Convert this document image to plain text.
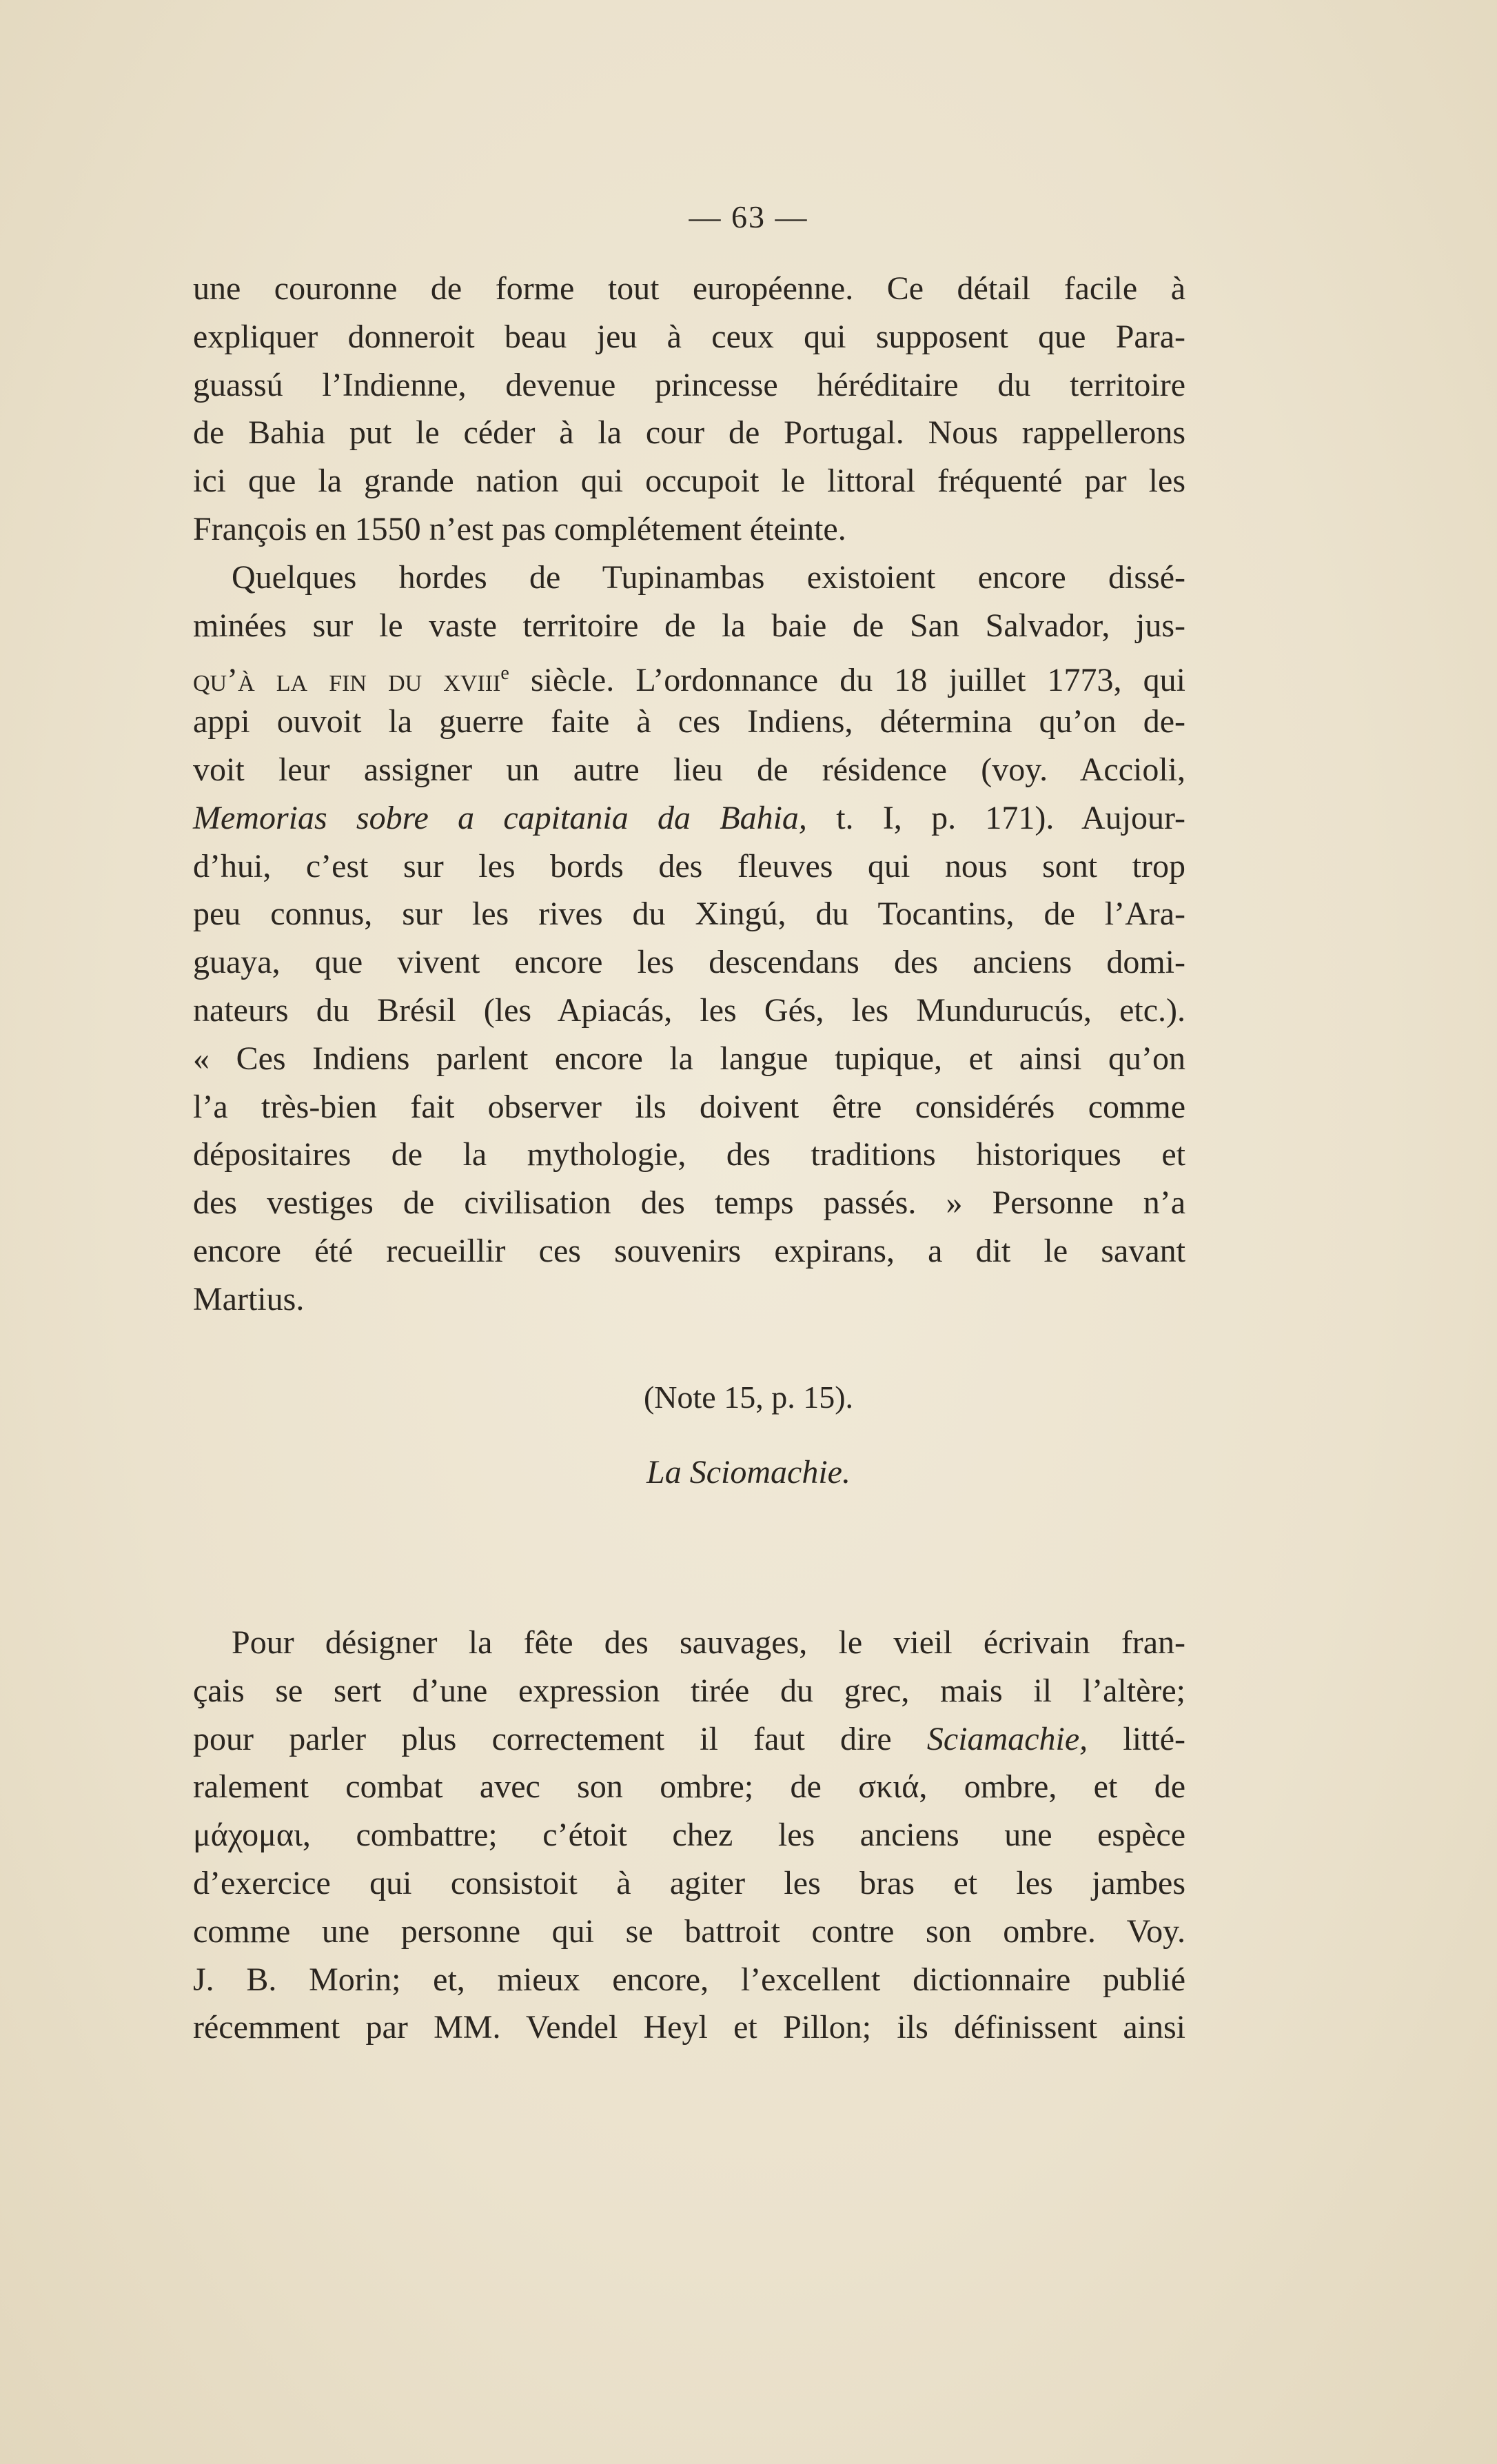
— 63 —
une couronne de forme tout européenne. Ce détail facile à
expliquer donneroit beau jeu à ceux qui supposent que Para-
guassú l’Indienne, devenue princesse héréditaire du territoire
de Bahia put le céder à la cour de Portugal. Nous rappellerons
ici que la grande nation qui occupoit le littoral fréquenté par les
François en 1550 n’est pas complétement éteinte.
Quelques hordes de Tupinambas existoient encore dissé-
minées sur le vaste territoire de la baie de San Salvador, jus-
qu’à la fin du xviii$^e$ siècle. L’ordonnance du 18 juillet 1773, qui
appi ouvoit la guerre faite à ces Indiens, détermina qu’on de-
voit leur assigner un autre lieu de résidence (voy. Accioli,
Memorias sobre a capitania da Bahia, t. I, p. 171). Aujour-
d’hui, c’est sur les bords des fleuves qui nous sont trop
peu connus, sur les rives du Xingú, du Tocantins, de l’Ara-
guaya, que vivent encore les descendans des anciens domi-
nateurs du Brésil (les Apiacás, les Gés, les Mundurucús, etc.).
« Ces Indiens parlent encore la langue tupique, et ainsi qu’on
l’a très-bien fait observer ils doivent être considérés comme
dépositaires de la mythologie, des traditions historiques et
des vestiges de civilisation des temps passés. » Personne n’a
encore été recueillir ces souvenirs expirans, a dit le savant
Martius.
(Note 15, p. 15).
La Sciomachie.
Pour désigner la fête des sauvages, le vieil écrivain fran-
çais se sert d’une expression tirée du grec, mais il l’altère;
pour parler plus correctement il faut dire Sciamachie, litté-
ralement combat avec son ombre; de σκιά, ombre, et de
μάχομαι, combattre; c’étoit chez les anciens une espèce
d’exercice qui consistoit à agiter les bras et les jambes
comme une personne qui se battroit contre son ombre. Voy.
J. B. Morin; et, mieux encore, l’excellent dictionnaire publié
récemment par MM. Vendel Heyl et Pillon; ils définissent ainsi
